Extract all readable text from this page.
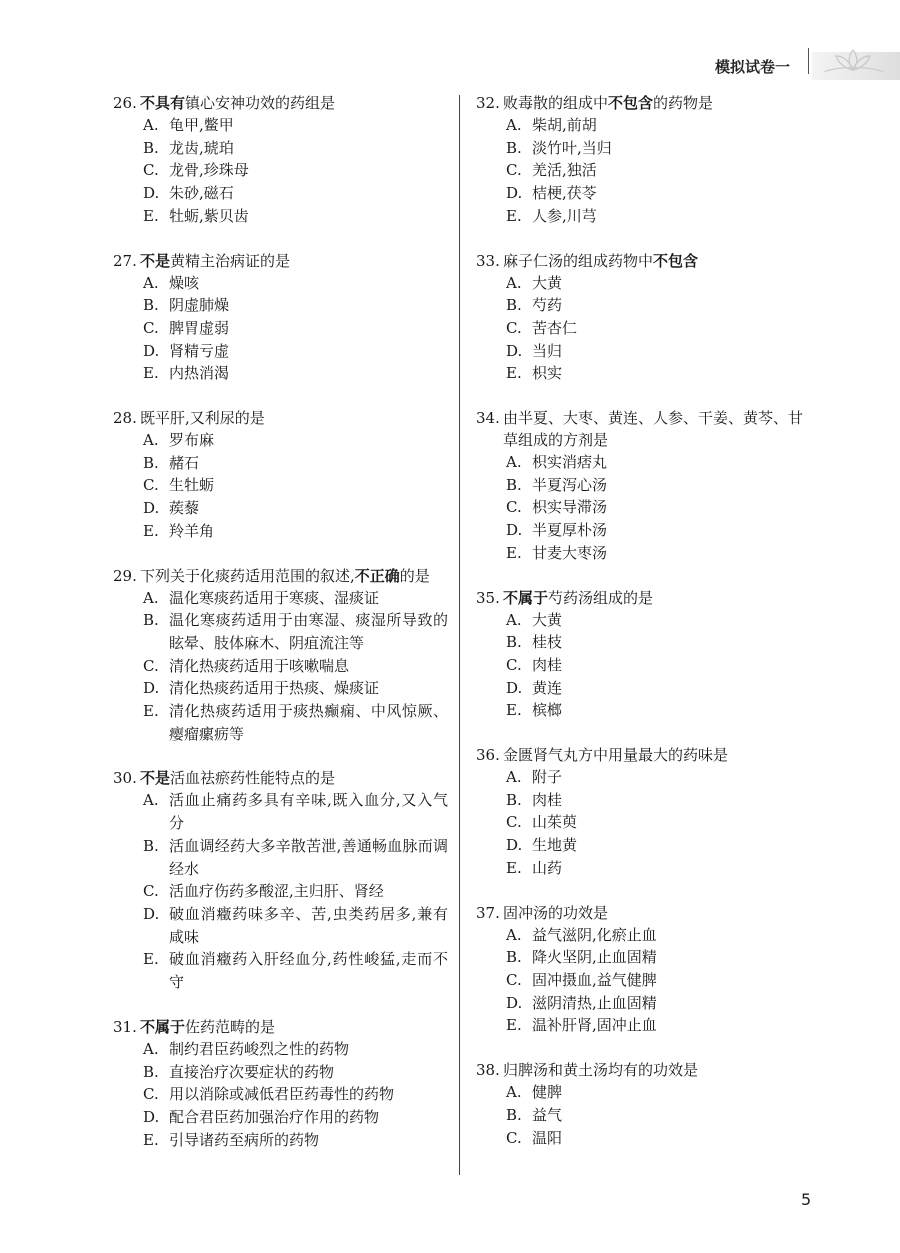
模拟试卷一
26. 不具有镇心安神功效的药组是
A. 龟甲,鳖甲
B. 龙齿,琥珀
C. 龙骨,珍珠母
D. 朱砂,磁石
E. 牡蛎,紫贝齿
27. 不是黄精主治病证的是
A. 燥咳
B. 阴虚肺燥
C. 脾胃虚弱
D. 肾精亏虚
E. 内热消渴
28. 既平肝,又利尿的是
A. 罗布麻
B. 赭石
C. 生牡蛎
D. 蒺藜
E. 羚羊角
29. 下列关于化痰药适用范围的叙述,不正确的是
A. 温化寒痰药适用于寒痰、湿痰证
B. 温化寒痰药适用于由寒湿、痰湿所导致的眩晕、肢体麻木、阴疽流注等
C. 清化热痰药适用于咳嗽喘息
D. 清化热痰药适用于热痰、燥痰证
E. 清化热痰药适用于痰热癫痫、中风惊厥、瘿瘤瘰疬等
30. 不是活血祛瘀药性能特点的是
A. 活血止痛药多具有辛味,既入血分,又入气分
B. 活血调经药大多辛散苦泄,善通畅血脉而调经水
C. 活血疗伤药多酸涩,主归肝、肾经
D. 破血消癥药味多辛、苦,虫类药居多,兼有咸味
E. 破血消癥药入肝经血分,药性峻猛,走而不守
31. 不属于佐药范畴的是
A. 制约君臣药峻烈之性的药物
B. 直接治疗次要症状的药物
C. 用以消除或减低君臣药毒性的药物
D. 配合君臣药加强治疗作用的药物
E. 引导诸药至病所的药物
32. 败毒散的组成中不包含的药物是
A. 柴胡,前胡
B. 淡竹叶,当归
C. 羌活,独活
D. 桔梗,茯苓
E. 人参,川芎
33. 麻子仁汤的组成药物中不包含
A. 大黄
B. 芍药
C. 苦杏仁
D. 当归
E. 枳实
34. 由半夏、大枣、黄连、人参、干姜、黄芩、甘草组成的方剂是
A. 枳实消痞丸
B. 半夏泻心汤
C. 枳实导滞汤
D. 半夏厚朴汤
E. 甘麦大枣汤
35. 不属于芍药汤组成的是
A. 大黄
B. 桂枝
C. 肉桂
D. 黄连
E. 槟榔
36. 金匮肾气丸方中用量最大的药味是
A. 附子
B. 肉桂
C. 山茱萸
D. 生地黄
E. 山药
37. 固冲汤的功效是
A. 益气滋阴,化瘀止血
B. 降火坚阴,止血固精
C. 固冲摄血,益气健脾
D. 滋阴清热,止血固精
E. 温补肝肾,固冲止血
38. 归脾汤和黄土汤均有的功效是
A. 健脾
B. 益气
C. 温阳
5
